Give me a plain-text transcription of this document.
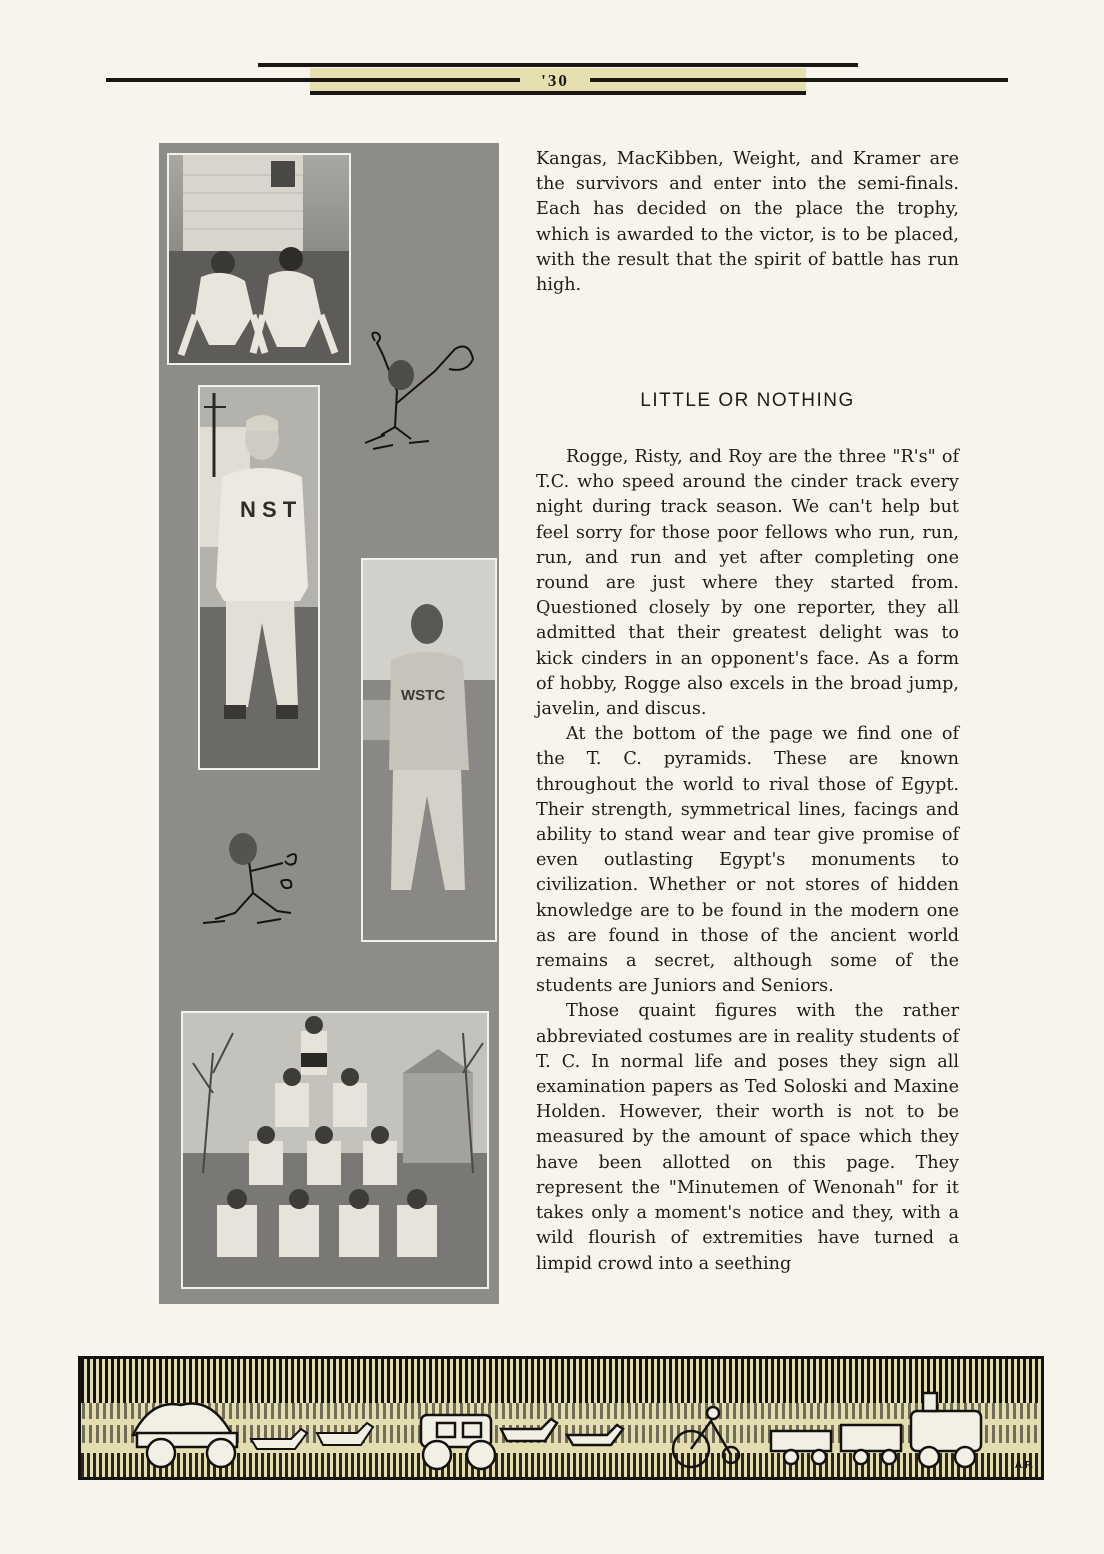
'30
N S T
WSTC

Kangas, MacKibben, Weight, and Kramer are the survivors and enter into the semi-finals. Each has decided on the place the trophy, which is awarded to the victor, is to be placed, with the result that the spirit of battle has run high.

LITTLE OR NOTHING

Rogge, Risty, and Roy are the three "R's" of T.C. who speed around the cinder track every night during track season. We can't help but feel sorry for those poor fellows who run, run, run, and run and yet after completing one round are just where they started from. Questioned closely by one reporter, they all admitted that their greatest delight was to kick cinders in an opponent's face. As a form of hobby, Rogge also excels in the broad jump, javelin, and discus.

At the bottom of the page we find one of the T. C. pyramids. These are known throughout the world to rival those of Egypt. Their strength, symmetrical lines, facings and ability to stand wear and tear give promise of even outlasting Egypt's monuments to civilization. Whether or not stores of hidden knowledge are to be found in the modern one as are found in those of the ancient world remains a secret, although some of the students are Juniors and Seniors.

Those quaint figures with the rather abbreviated costumes are in reality students of T. C. In normal life and poses they sign all examination papers as Ted Soloski and Maxine Holden. However, their worth is not to be measured by the amount of space which they have been allotted on this page. They represent the "Minutemen of Wenonah" for it takes only a moment's notice and they, with a wild flourish of extremities have turned a limpid crowd into a seething

A.P.
